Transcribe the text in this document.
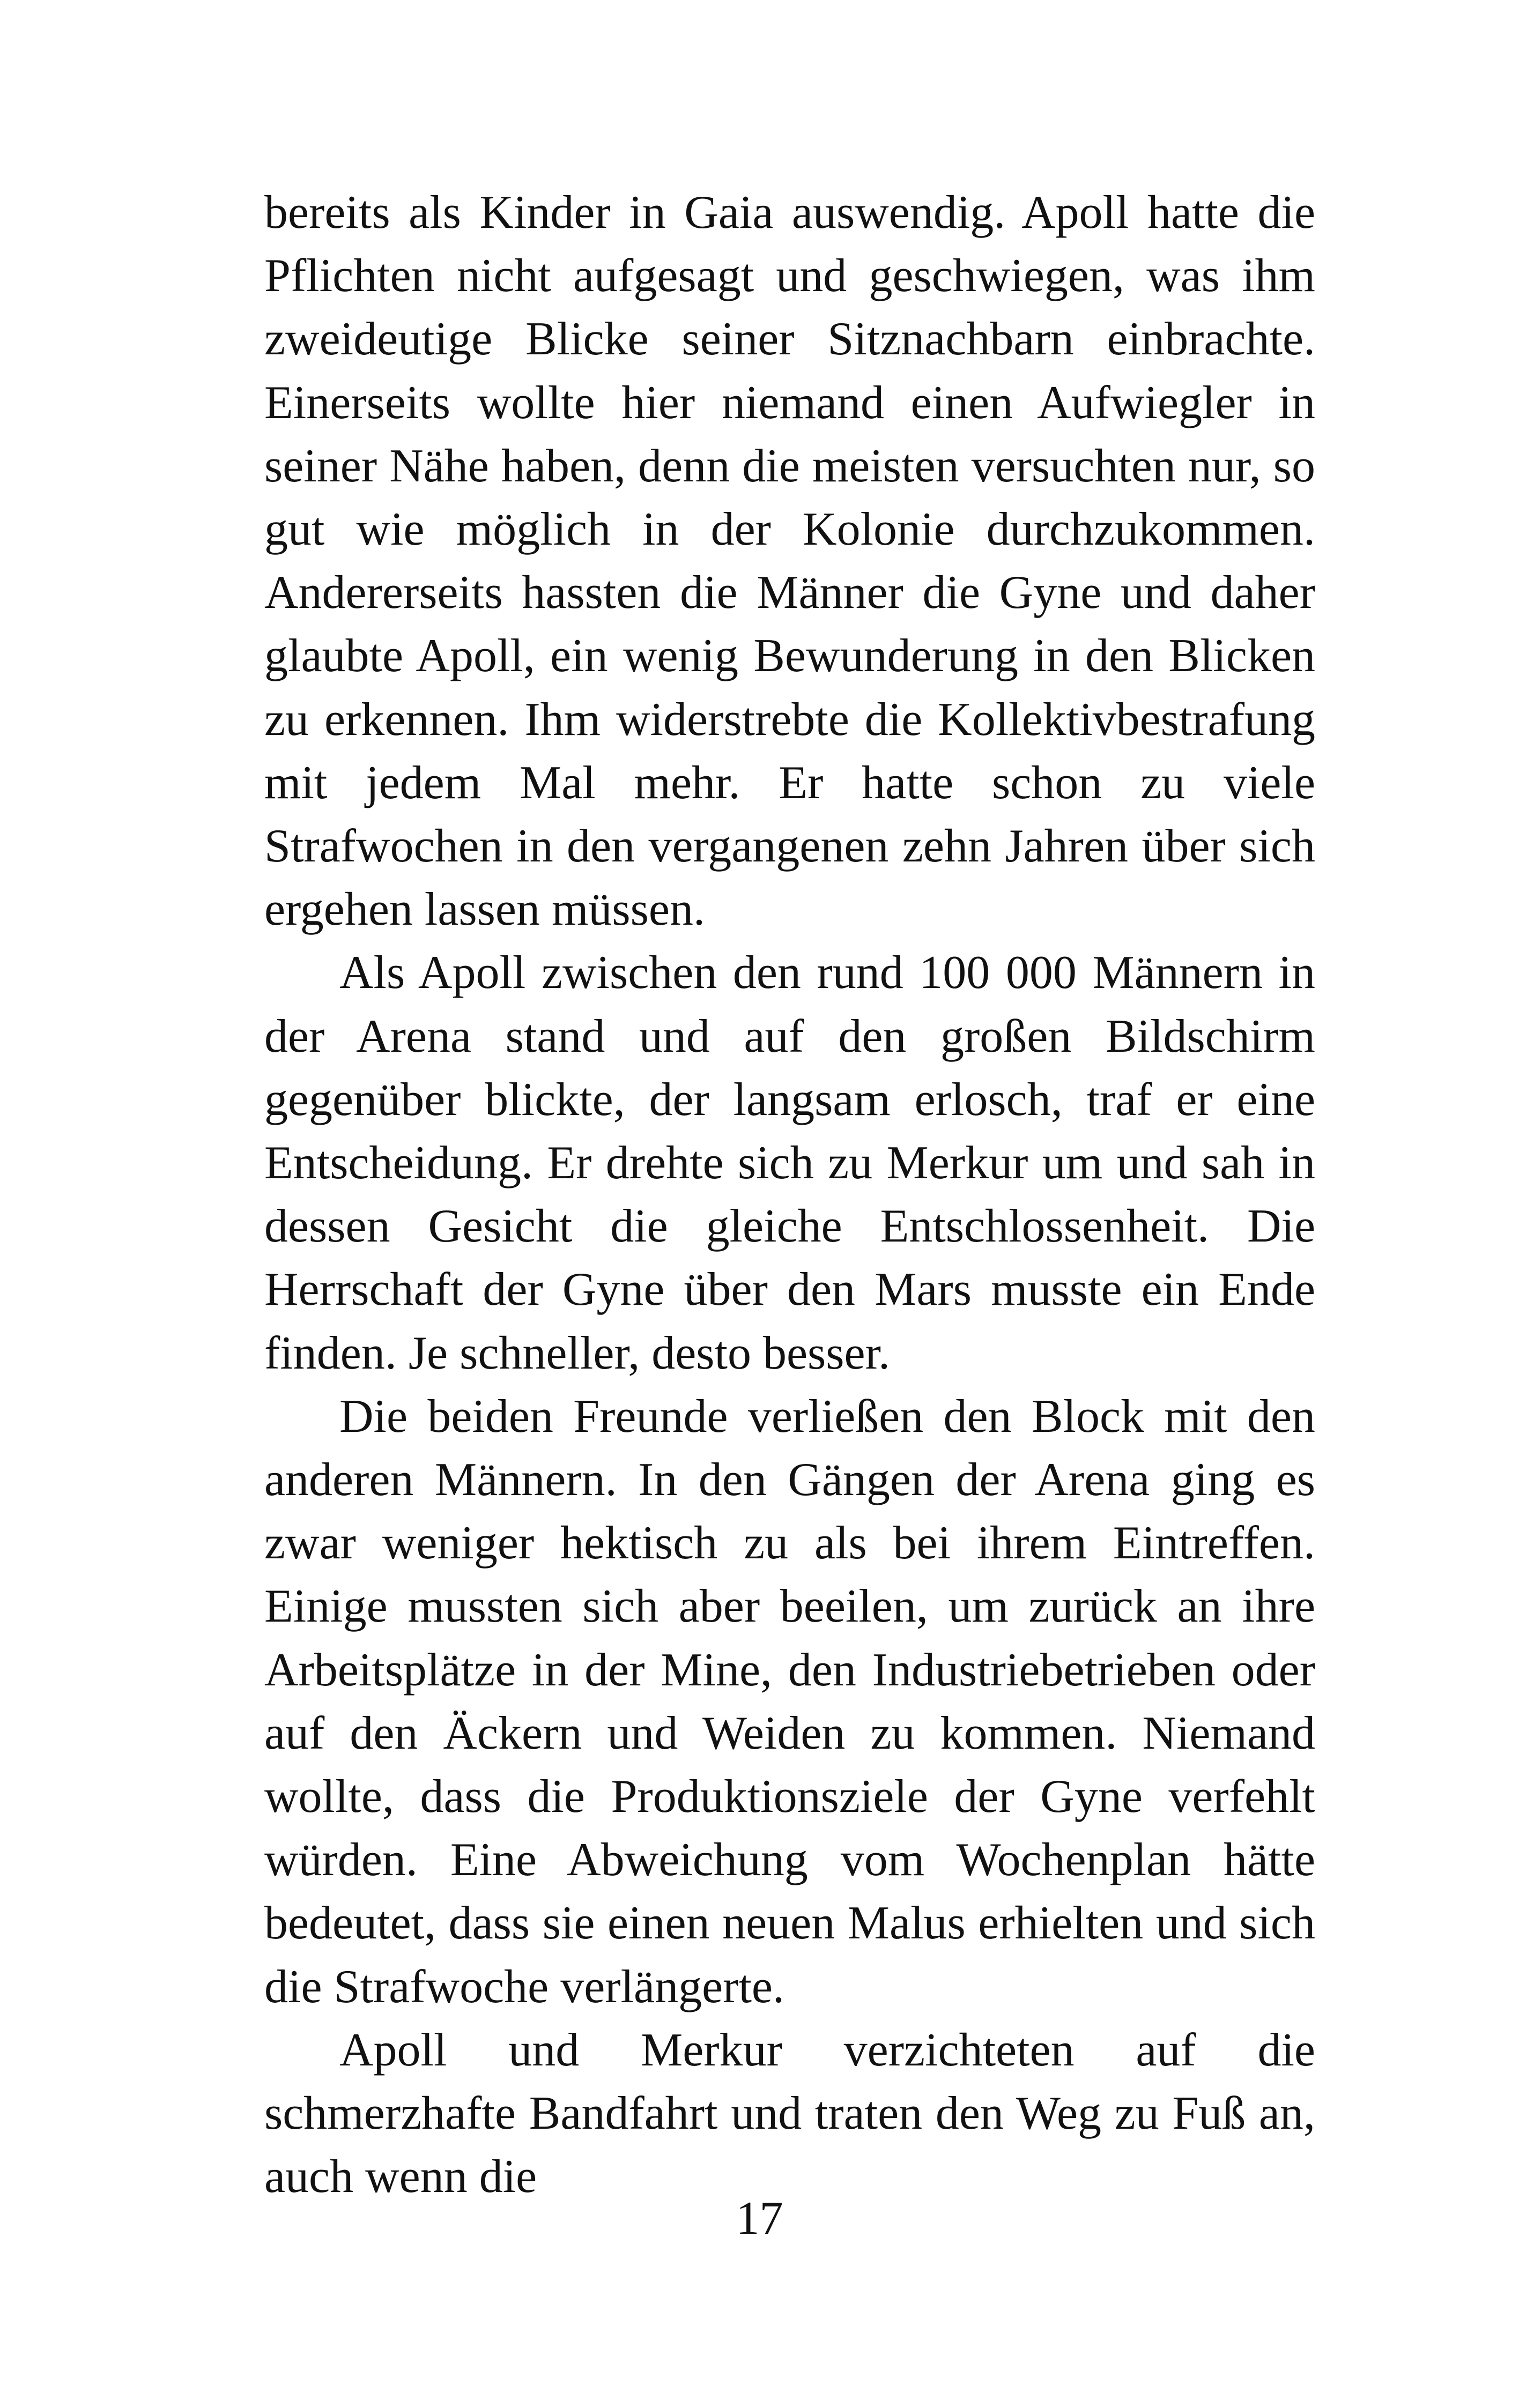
bereits als Kinder in Gaia auswendig. Apoll hatte die Pflichten nicht aufgesagt und geschwiegen, was ihm zweideutige Blicke seiner Sitznachbarn einbrachte. Einerseits wollte hier niemand einen Aufwiegler in seiner Nähe haben, denn die meisten versuchten nur, so gut wie möglich in der Kolonie durchzukommen. Andererseits hassten die Männer die Gyne und daher glaubte Apoll, ein wenig Bewunderung in den Blicken zu erkennen. Ihm widerstrebte die Kollektivbestrafung mit jedem Mal mehr. Er hatte schon zu viele Strafwochen in den vergangenen zehn Jahren über sich ergehen lassen müssen.

Als Apoll zwischen den rund 100 000 Männern in der Arena stand und auf den großen Bildschirm gegenüber blickte, der langsam erlosch, traf er eine Entscheidung. Er drehte sich zu Merkur um und sah in dessen Gesicht die gleiche Entschlossenheit. Die Herrschaft der Gyne über den Mars musste ein Ende finden. Je schneller, desto besser.

Die beiden Freunde verließen den Block mit den anderen Männern. In den Gängen der Arena ging es zwar weniger hektisch zu als bei ihrem Eintreffen. Einige mussten sich aber beeilen, um zurück an ihre Arbeitsplätze in der Mine, den Industriebetrieben oder auf den Äckern und Weiden zu kommen. Niemand wollte, dass die Produktionsziele der Gyne verfehlt würden. Eine Abweichung vom Wochenplan hätte bedeutet, dass sie einen neuen Malus erhielten und sich die Strafwoche verlängerte.

Apoll und Merkur verzichteten auf die schmerzhafte Bandfahrt und traten den Weg zu Fuß an, auch wenn die

17
